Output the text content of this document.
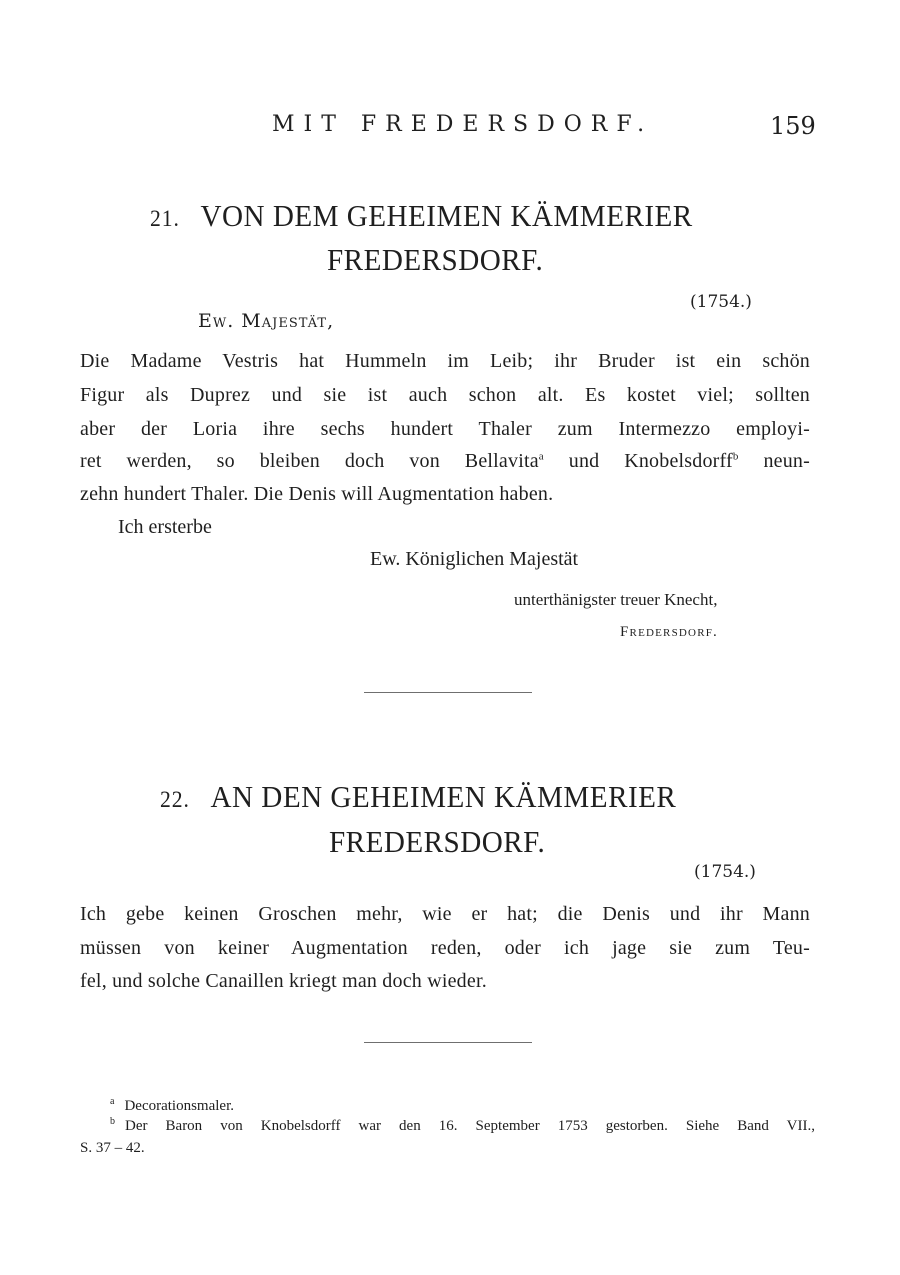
MIT FREDERSDORF.	159
21. VON DEM GEHEIMEN KÄMMERIER
FREDERSDORF.
(1754.)
Ew. Majestät,
Die Madame Vestris hat Hummeln im Leib; ihr Bruder ist ein schön
Figur als Duprez und sie ist auch schon alt. Es kostet viel; sollten
aber der Loria ihre sechs hundert Thaler zum Intermezzo employi-
ret werden, so bleiben doch von Bellavita$^a$ und Knobelsdorff$^b$ neun-
zehn hundert Thaler. Die Denis will Augmentation haben.
Ich ersterbe
Ew. Königlichen Majestät
unterthänigster treuer Knecht,
Fredersdorf.
22. AN DEN GEHEIMEN KÄMMERIER
FREDERSDORF.
(1754.)
Ich gebe keinen Groschen mehr, wie er hat; die Denis und ihr Mann
müssen von keiner Augmentation reden, oder ich jage sie zum Teu-
fel, und solche Canaillen kriegt man doch wieder.
$^a$ Decorationsmaler.
$^b$ Der Baron von Knobelsdorff war den 16. September 1753 gestorben. Siehe Band VII.,
S. 37 – 42.
